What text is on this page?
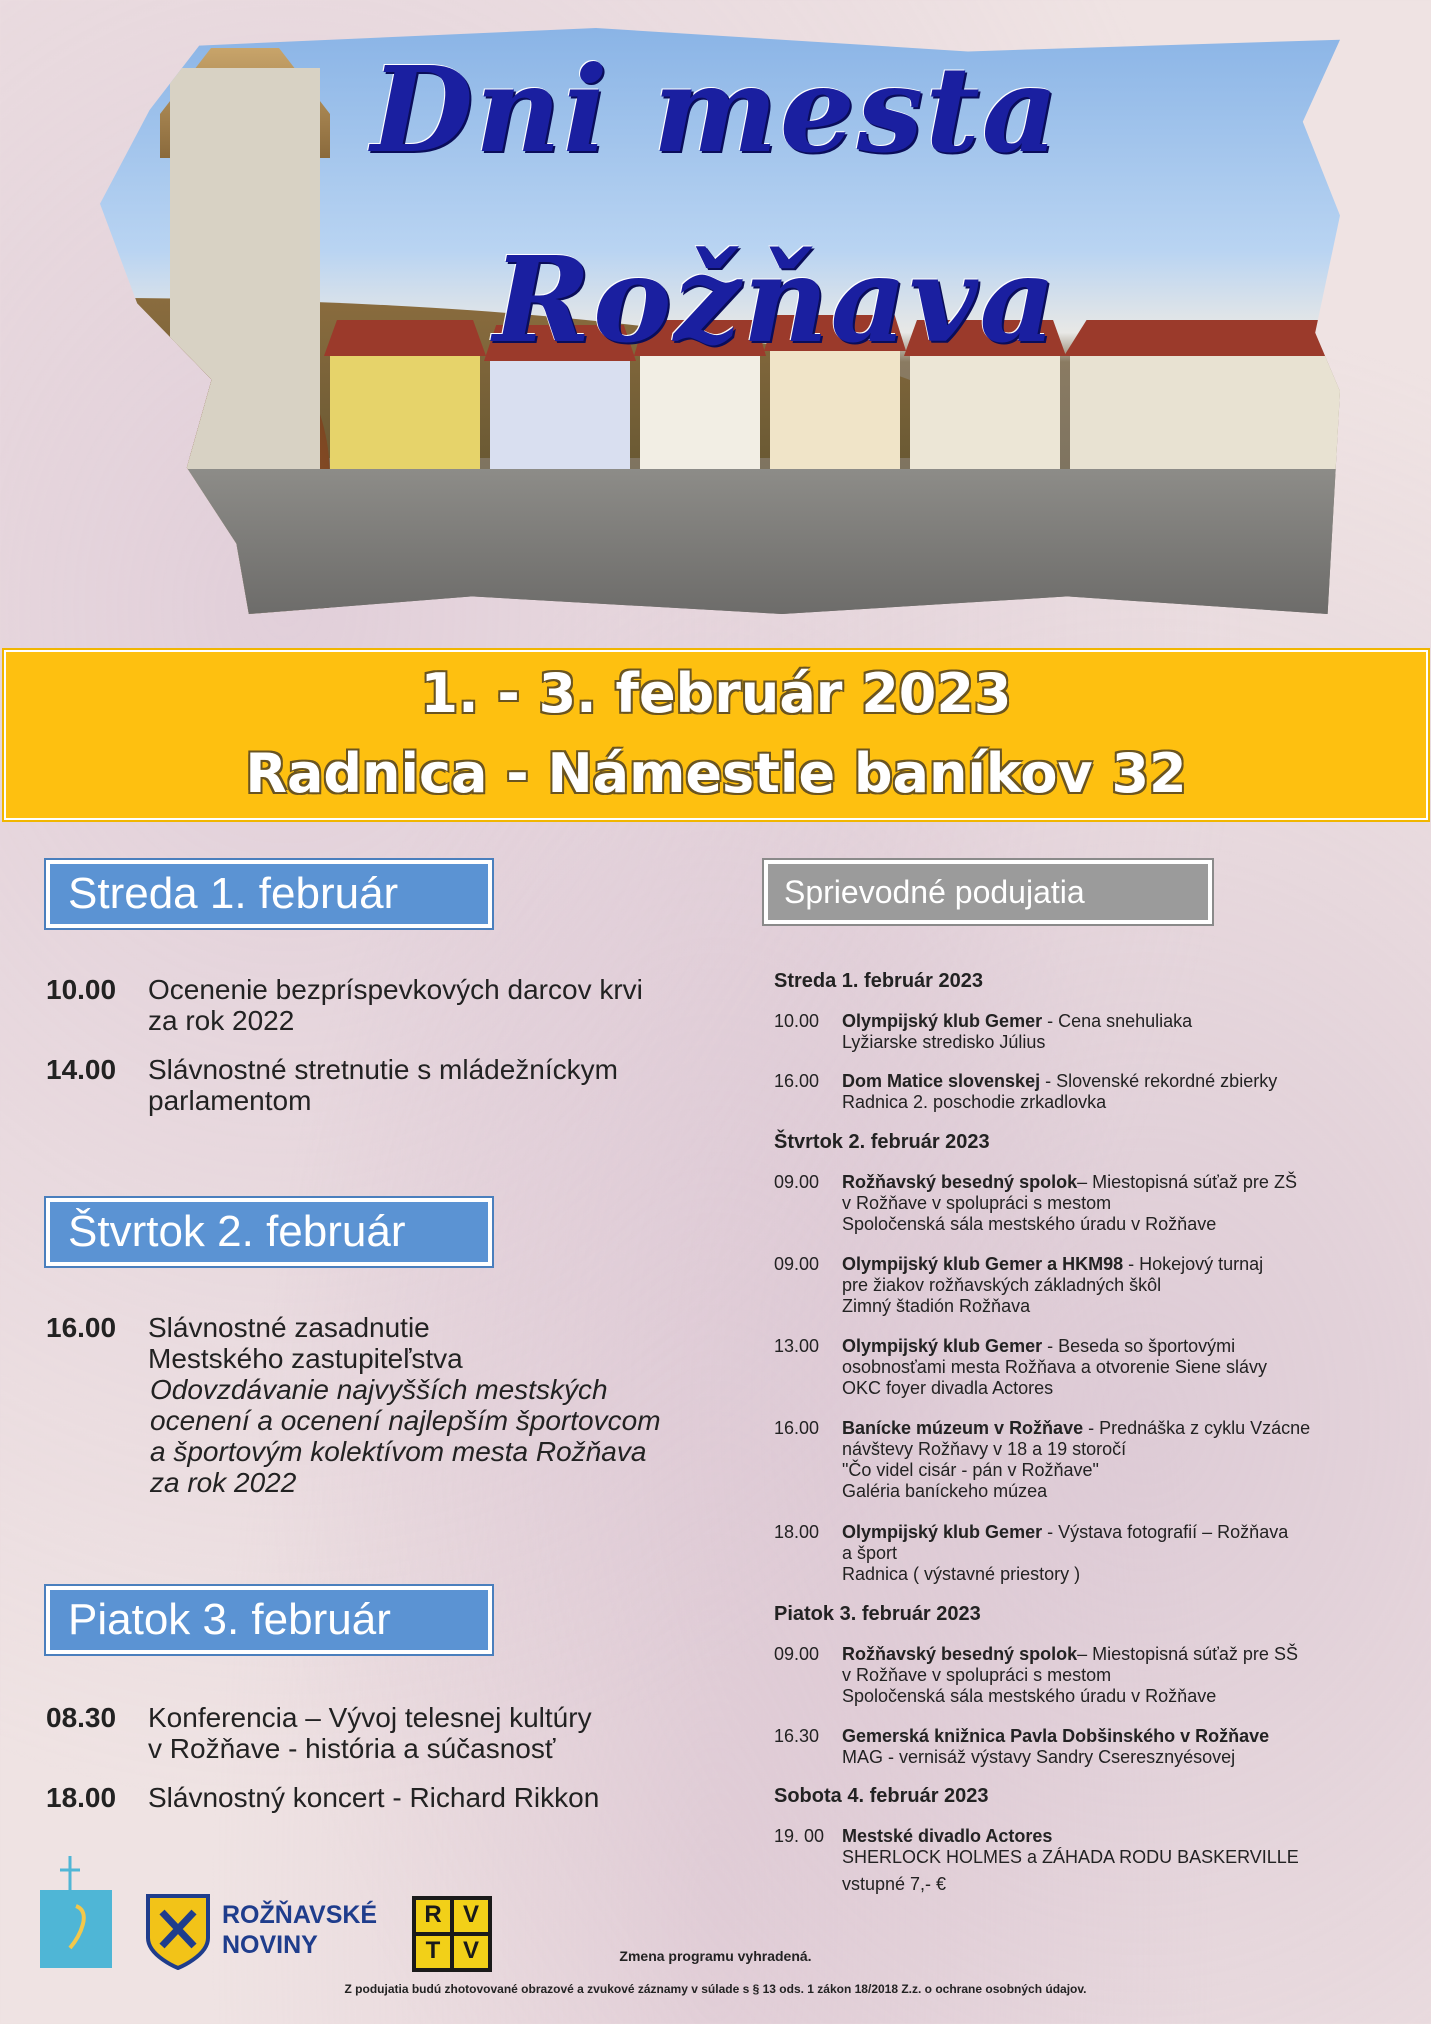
Dni mesta
Rožňava
1. - 3. február 2023
Radnica - Námestie baníkov 32
Streda 1. február
10.00	Ocenenie bezpríspevkových darcov krvi
za rok 2022
14.00	Slávnostné stretnutie s mládežníckym
parlamentom
Štvrtok 2. február
16.00	Slávnostné zasadnutie
Mestského zastupiteľstva
Odovzdávanie najvyšších mestských
ocenení a ocenení najlepším športovcom
a športovým kolektívom mesta Rožňava
za rok 2022
Piatok 3. február
08.30	Konferencia – Vývoj telesnej kultúry
v Rožňave - história a súčasnosť
18.00	Slávnostný koncert - Richard Rikkon
Sprievodné podujatia
Streda 1. február 2023
10.00	Olympijský klub Gemer - Cena snehuliaka
Lyžiarske stredisko Július
16.00	Dom Matice slovenskej - Slovenské rekordné zbierky
Radnica 2. poschodie zrkadlovka
Štvrtok 2. február 2023
09.00	Rožňavský besedný spolok– Miestopisná súťaž pre ZŠ
v Rožňave v spolupráci s mestom
Spoločenská sála mestského úradu v Rožňave
09.00	Olympijský klub Gemer a HKM98 - Hokejový turnaj
pre žiakov rožňavských základných škôl
Zimný štadión Rožňava
13.00	Olympijský klub Gemer - Beseda so športovými
osobnosťami mesta Rožňava a otvorenie Siene slávy
OKC foyer divadla Actores
16.00	Banícke múzeum v Rožňave - Prednáška z cyklu Vzácne
návštevy Rožňavy v 18 a 19 storočí
"Čo videl cisár - pán v Rožňave"
Galéria baníckeho múzea
18.00	Olympijský klub Gemer - Výstava fotografií – Rožňava
a šport
Radnica ( výstavné priestory )
Piatok 3. február 2023
09.00	Rožňavský besedný spolok– Miestopisná súťaž pre SŠ
v Rožňave v spolupráci s mestom
Spoločenská sála mestského úradu v Rožňave
16.30	Gemerská knižnica Pavla Dobšinského v Rožňave
MAG - vernisáž výstavy Sandry Cseresznyésovej
Sobota 4. február 2023
19. 00 Mestské divadlo Actores
SHERLOCK HOLMES a ZÁHADA RODU BASKERVILLE
vstupné 7,- €
ROŽŇAVSKÉ
NOVINY
R V
T V	Zmena programu vyhradená.
Z podujatia budú zhotovované obrazové a zvukové záznamy v súlade s § 13 ods. 1 zákon 18/2018 Z.z. o ochrane osobných údajov.
